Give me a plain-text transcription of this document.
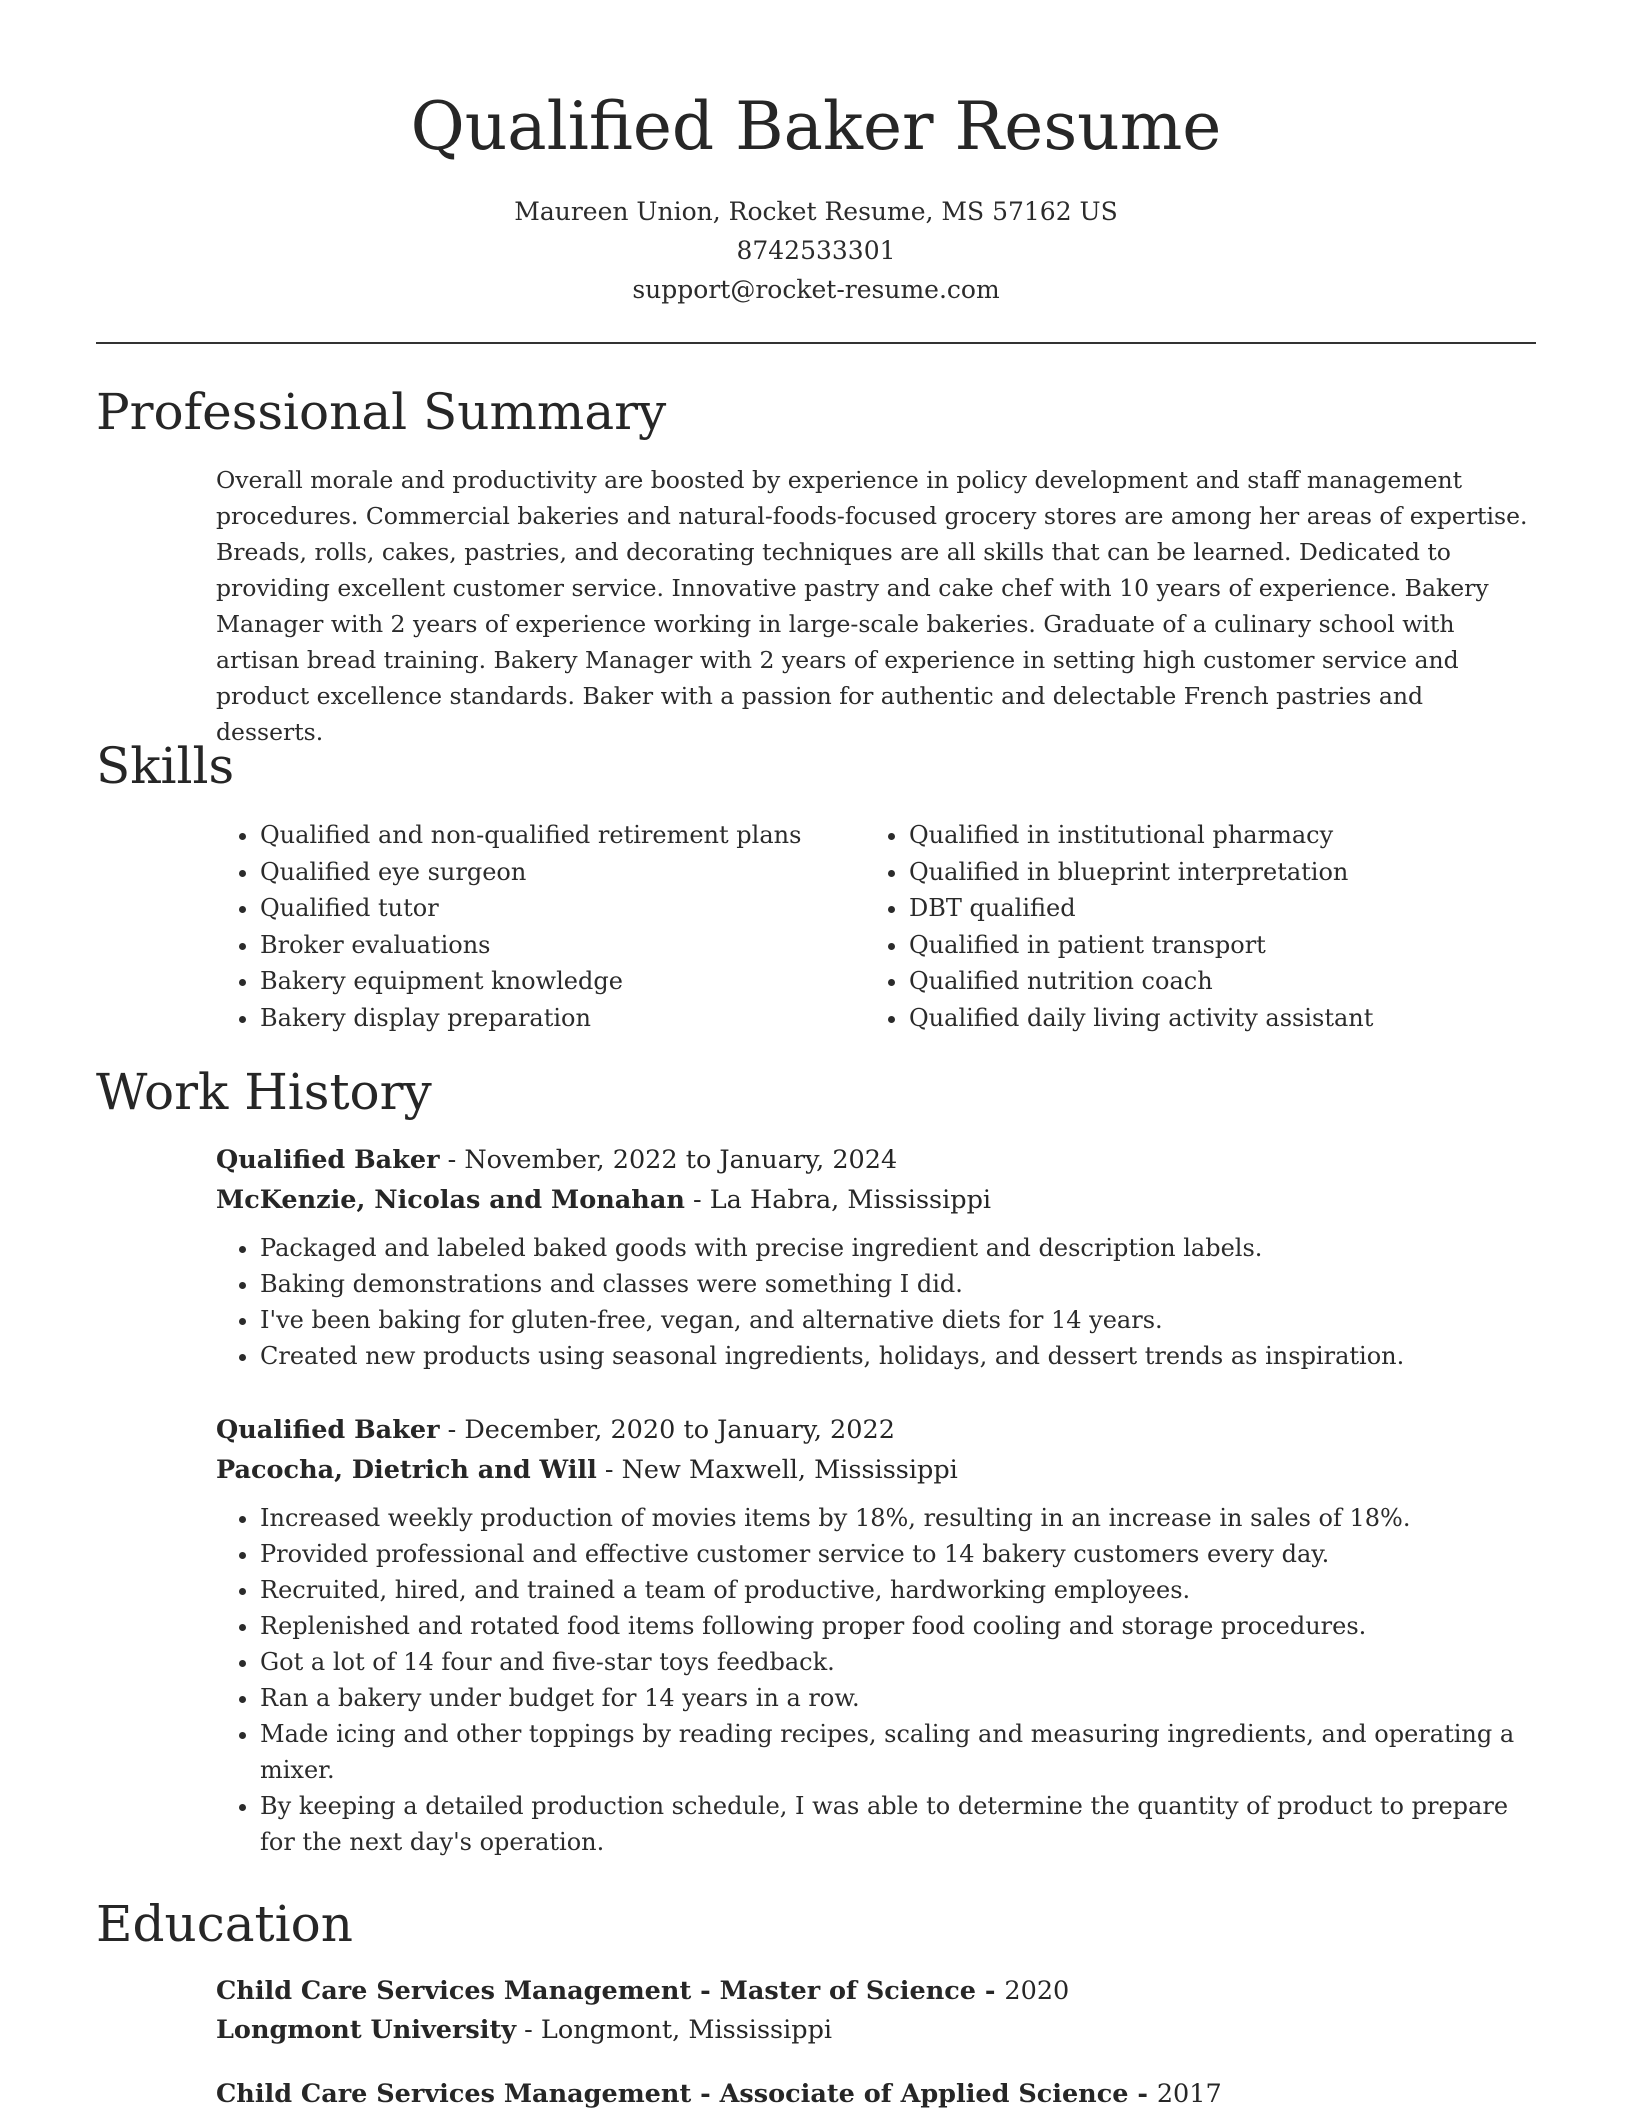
Qualified Baker Resume
Maureen Union, Rocket Resume, MS 57162 US
8742533301
support@rocket-resume.com
Professional Summary

Overall morale and productivity are boosted by experience in policy development and staff management procedures. Commercial bakeries and natural-foods-focused grocery stores are among her areas of expertise. Breads, rolls, cakes, pastries, and decorating techniques are all skills that can be learned. Dedicated to providing excellent customer service. Innovative pastry and cake chef with 10 years of experience. Bakery Manager with 2 years of experience working in large-scale bakeries. Graduate of a culinary school with artisan bread training. Bakery Manager with 2 years of experience in setting high customer service and product excellence standards. Baker with a passion for authentic and delectable French pastries and desserts.

Skills
• Qualified and non-qualified retirement plans
• Qualified eye surgeon
• Qualified tutor
• Broker evaluations
• Bakery equipment knowledge
• Bakery display preparation
• Qualified in institutional pharmacy
• Qualified in blueprint interpretation
• DBT qualified
• Qualified in patient transport
• Qualified nutrition coach
• Qualified daily living activity assistant
Work History
Qualified Baker - November, 2022 to January, 2024
McKenzie, Nicolas and Monahan - La Habra, Mississippi
• Packaged and labeled baked goods with precise ingredient and description labels.
• Baking demonstrations and classes were something I did.
• I've been baking for gluten-free, vegan, and alternative diets for 14 years.
• Created new products using seasonal ingredients, holidays, and dessert trends as inspiration.
Qualified Baker - December, 2020 to January, 2022
Pacocha, Dietrich and Will - New Maxwell, Mississippi
• Increased weekly production of movies items by 18%, resulting in an increase in sales of 18%.
• Provided professional and effective customer service to 14 bakery customers every day.
• Recruited, hired, and trained a team of productive, hardworking employees.
• Replenished and rotated food items following proper food cooling and storage procedures.
• Got a lot of 14 four and five-star toys feedback.
• Ran a bakery under budget for 14 years in a row.
• Made icing and other toppings by reading recipes, scaling and measuring ingredients, and operating a mixer.
• By keeping a detailed production schedule, I was able to determine the quantity of product to prepare for the next day's operation.
Education
Child Care Services Management - Master of Science - 2020
Longmont University - Longmont, Mississippi
Child Care Services Management - Associate of Applied Science - 2017
